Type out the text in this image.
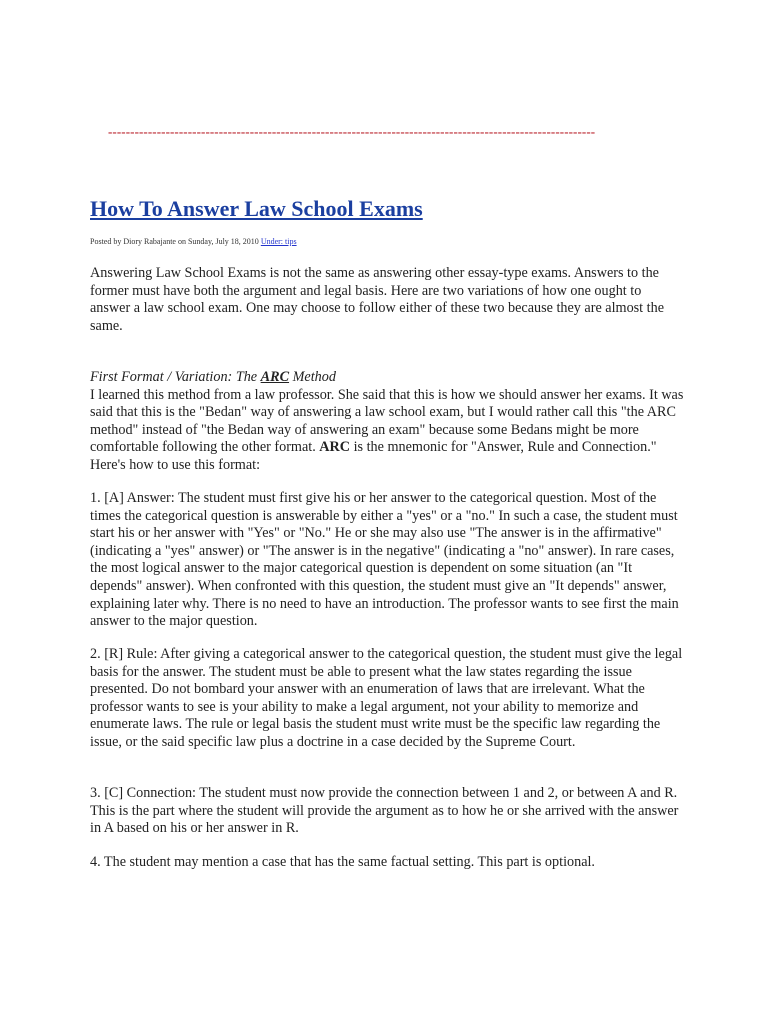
--------------------------------------------------------------------------------------------------------------
How To Answer Law School Exams
Posted by Diory Rabajante on Sunday, July 18, 2010 Under: tips

Answering Law School Exams is not the same as answering other essay-type exams. Answers to the former must have both the argument and legal basis. Here are two variations of how one ought to answer a law school exam. One may choose to follow either of these two because they are almost the same.

First Format / Variation: The ARC Method

I learned this method from a law professor. She said that this is how we should answer her exams. It was said that this is the "Bedan" way of answering a law school exam, but I would rather call this "the ARC method" instead of "the Bedan way of answering an exam" because some Bedans might be more comfortable following the other format. ARC is the mnemonic for "Answer, Rule and Connection." Here's how to use this format:

1. [A] Answer: The student must first give his or her answer to the categorical question. Most of the times the categorical question is answerable by either a "yes" or a "no." In such a case, the student must start his or her answer with "Yes" or "No." He or she may also use "The answer is in the affirmative" (indicating a "yes" answer) or "The answer is in the negative" (indicating a "no" answer). In rare cases, the most logical answer to the major categorical question is dependent on some situation (an "It depends" answer). When confronted with this question, the student must give an "It depends" answer, explaining later why. There is no need to have an introduction. The professor wants to see first the main answer to the major question.

2. [R] Rule: After giving a categorical answer to the categorical question, the student must give the legal basis for the answer. The student must be able to present what the law states regarding the issue presented. Do not bombard your answer with an enumeration of laws that are irrelevant. What the professor wants to see is your ability to make a legal argument, not your ability to memorize and enumerate laws. The rule or legal basis the student must write must be the specific law regarding the issue, or the said specific law plus a doctrine in a case decided by the Supreme Court.

3. [C] Connection: The student must now provide the connection between 1 and 2, or between A and R. This is the part where the student will provide the argument as to how he or she arrived with the answer in A based on his or her answer in R.

4. The student may mention a case that has the same factual setting. This part is optional.
